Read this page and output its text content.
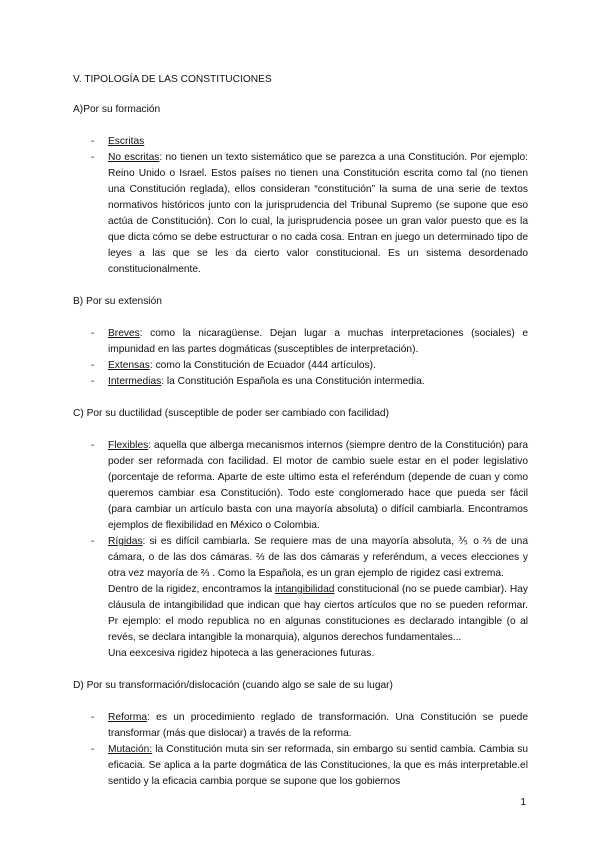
V. TIPOLOGÍA DE LAS CONSTITUCIONES

A)Por su formación

- Escritas
- No escritas: no tienen un texto sistemático que se parezca a una Constitución. Por ejemplo: Reino Unido o Israel. Estos países no tienen una Constitución escrita como tal (no tienen una Constitución reglada), ellos consideran “constitución” la suma de una serie de textos normativos históricos junto con la jurisprudencia del Tribunal Supremo (se supone que eso actúa de Constitución). Con lo cual, la jurisprudencia posee un gran valor puesto que es la que dicta cómo se debe estructurar o no cada cosa. Entran en juego un determinado tipo de leyes a las que se les da cierto valor constitucional. Es un sistema desordenado constitucionalmente.

B) Por su extensión

- Breves: como la nicaragüense. Dejan lugar a muchas interpretaciones (sociales) e impunidad en las partes dogmáticas (susceptibles de interpretación).
- Extensas: como la Constitución de Ecuador (444 artículos).
- Intermedias: la Constitución Española es una Constitución intermedia.

C) Por su ductilidad (susceptible de poder ser cambiado con facilidad)

- Flexibles: aquella que alberga mecanismos internos (siempre dentro de la Constitución) para poder ser reformada con facilidad. El motor de cambio suele estar en el poder legislativo (porcentaje de reforma. Aparte de este ultimo esta el referéndum (depende de cuan y como queremos cambiar esa Constitución). Todo este conglomerado hace que pueda ser fácil (para cambiar un artículo basta con una mayoría absoluta) o difícil cambiarla. Encontramos ejemplos de flexibilidad en México o Colombia.

- Rígidas: si es difícil cambiarla. Se requiere mas de una mayoría absoluta, ⅗ o ⅔ de una cámara, o de las dos cámaras. ⅔ de las dos cámaras y referéndum, a veces elecciones y otra vez mayoría de ⅔ . Como la Española, es un gran ejemplo de rigidez casi extrema.

Dentro de la rigidez, encontramos la intangibilidad constitucional (no se puede cambiar). Hay cláusula de intangibilidad que indican que hay ciertos artículos que no se pueden reformar. Pr ejemplo: el modo republica no en algunas constituciones es declarado intangible (o al revés, se declara intangible la monarquia), algunos derechos fundamentales...

Una eexcesiva rigidez hipoteca a las generaciones futuras.

D) Por su transformación/dislocación (cuando algo se sale de su lugar)

- Reforma: es un procedimiento reglado de transformación. Una Constitución se puede transformar (más que dislocar) a través de la reforma.
- Mutación: la Constitución muta sin ser reformada, sin embargo su sentid cambia. Cambia su eficacia. Se aplica a la parte dogmática de las Constituciones, la que es más interpretable.el sentido y la eficacia cambia porque se supone que los gobiernos
1
